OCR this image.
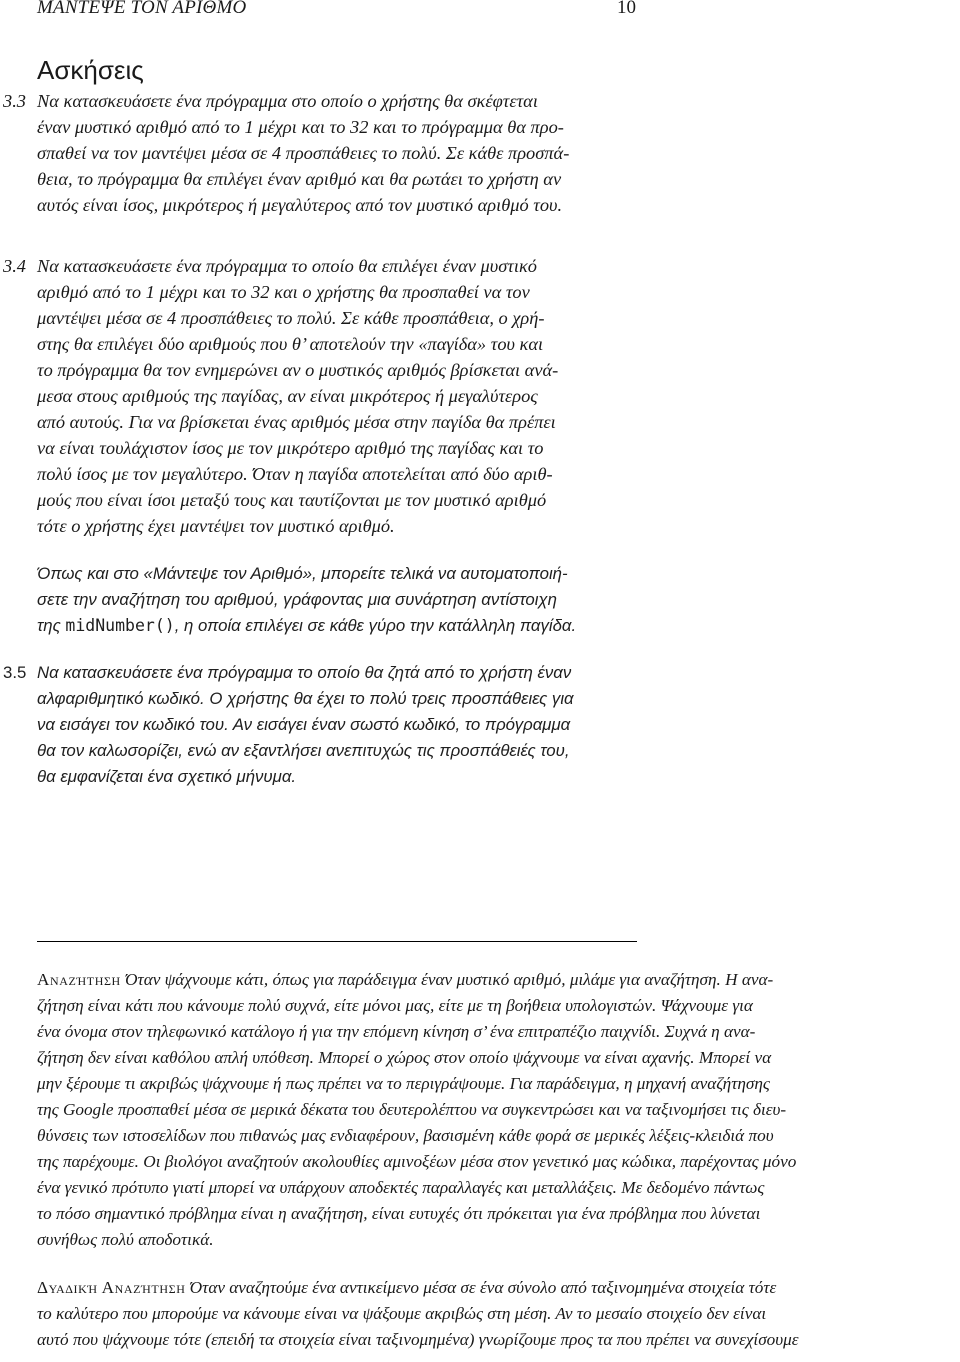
ΜΑΝΤΕΨΕ ΤΟΝ ΑΡΙΘΜΟ	10
Ασκήσεις
3.3 Να κατασκευάσετε ένα πρόγραμμα στο οποίο ο χρήστης θα σκέφτεται
έναν μυστικό αριθμό από το 1 μέχρι και το 32 και το πρόγραμμα θα προ-
σπαθεί να τον μαντέψει μέσα σε 4 προσπάθειες το πολύ. Σε κάθε προσπά-
θεια, το πρόγραμμα θα επιλέγει έναν αριθμό και θα ρωτάει το χρήστη αν
αυτός είναι ίσος, μικρότερος ή μεγαλύτερος από τον μυστικό αριθμό του.
3.4 Να κατασκευάσετε ένα πρόγραμμα το οποίο θα επιλέγει έναν μυστικό
αριθμό από το 1 μέχρι και το 32 και ο χρήστης θα προσπαθεί να τον
μαντέψει μέσα σε 4 προσπάθειες το πολύ. Σε κάθε προσπάθεια, ο χρή-
στης θα επιλέγει δύο αριθμούς που θ’ αποτελούν την «παγίδα» του και
το πρόγραμμα θα τον ενημερώνει αν ο μυστικός αριθμός βρίσκεται ανά-
μεσα στους αριθμούς της παγίδας, αν είναι μικρότερος ή μεγαλύτερος
από αυτούς. Για να βρίσκεται ένας αριθμός μέσα στην παγίδα θα πρέπει
να είναι τουλάχιστον ίσος με τον μικρότερο αριθμό της παγίδας και το
πολύ ίσος με τον μεγαλύτερο. Όταν η παγίδα αποτελείται από δύο αριθ-
μούς που είναι ίσοι μεταξύ τους και ταυτίζονται με τον μυστικό αριθμό
τότε ο χρήστης έχει μαντέψει τον μυστικό αριθμό.
Όπως και στο «Μάντεψε τον Αριθμό», μπορείτε τελικά να αυτοματοποιή-
σετε την αναζήτηση του αριθμού, γράφοντας μια συνάρτηση αντίστοιχη
της midNumber(), η οποία επιλέγει σε κάθε γύρο την κατάλληλη παγίδα.
3.5 Να κατασκευάσετε ένα πρόγραμμα το οποίο θα ζητά από το χρήστη έναν
αλφαριθμητικό κωδικό. Ο χρήστης θα έχει το πολύ τρεις προσπάθειες για
να εισάγει τον κωδικό του. Αν εισάγει έναν σωστό κωδικό, το πρόγραμμα
θα τον καλωσορίζει, ενώ αν εξαντλήσει ανεπιτυχώς τις προσπάθειές του,
θα εμφανίζεται ένα σχετικό μήνυμα.
Αναζήτηση Όταν ψάχνουμε κάτι, όπως για παράδειγμα έναν μυστικό αριθμό, μιλάμε για αναζήτηση. Η ανα-
ζήτηση είναι κάτι που κάνουμε πολύ συχνά, είτε μόνοι μας, είτε με τη βοήθεια υπολογιστών. Ψάχνουμε για
ένα όνομα στον τηλεφωνικό κατάλογο ή για την επόμενη κίνηση σ’ ένα επιτραπέζιο παιχνίδι. Συχνά η ανα-
ζήτηση δεν είναι καθόλου απλή υπόθεση. Μπορεί ο χώρος στον οποίο ψάχνουμε να είναι αχανής. Μπορεί να
μην ξέρουμε τι ακριβώς ψάχνουμε ή πως πρέπει να το περιγράψουμε. Για παράδειγμα, η μηχανή αναζήτησης
της Google προσπαθεί μέσα σε μερικά δέκατα του δευτερολέπτου να συγκεντρώσει και να ταξινομήσει τις διευ-
θύνσεις των ιστοσελίδων που πιθανώς μας ενδιαφέρουν, βασισμένη κάθε φορά σε μερικές λέξεις-κλειδιά που
της παρέχουμε. Οι βιολόγοι αναζητούν ακολουθίες αμινοξέων μέσα στον γενετικό μας κώδικα, παρέχοντας μόνο
ένα γενικό πρότυπο γιατί μπορεί να υπάρχουν αποδεκτές παραλλαγές και μεταλλάξεις. Με δεδομένο πάντως
το πόσο σημαντικό πρόβλημα είναι η αναζήτηση, είναι ευτυχές ότι πρόκειται για ένα πρόβλημα που λύνεται
συνήθως πολύ αποδοτικά.
Δυαδική Αναζήτηση Όταν αναζητούμε ένα αντικείμενο μέσα σε ένα σύνολο από ταξινομημένα στοιχεία τότε
το καλύτερο που μπορούμε να κάνουμε είναι να ψάξουμε ακριβώς στη μέση. Αν το μεσαίο στοιχείο δεν είναι
αυτό που ψάχνουμε τότε (επειδή τα στοιχεία είναι ταξινομημένα) γνωρίζουμε προς τα που πρέπει να συνεχίσουμε
